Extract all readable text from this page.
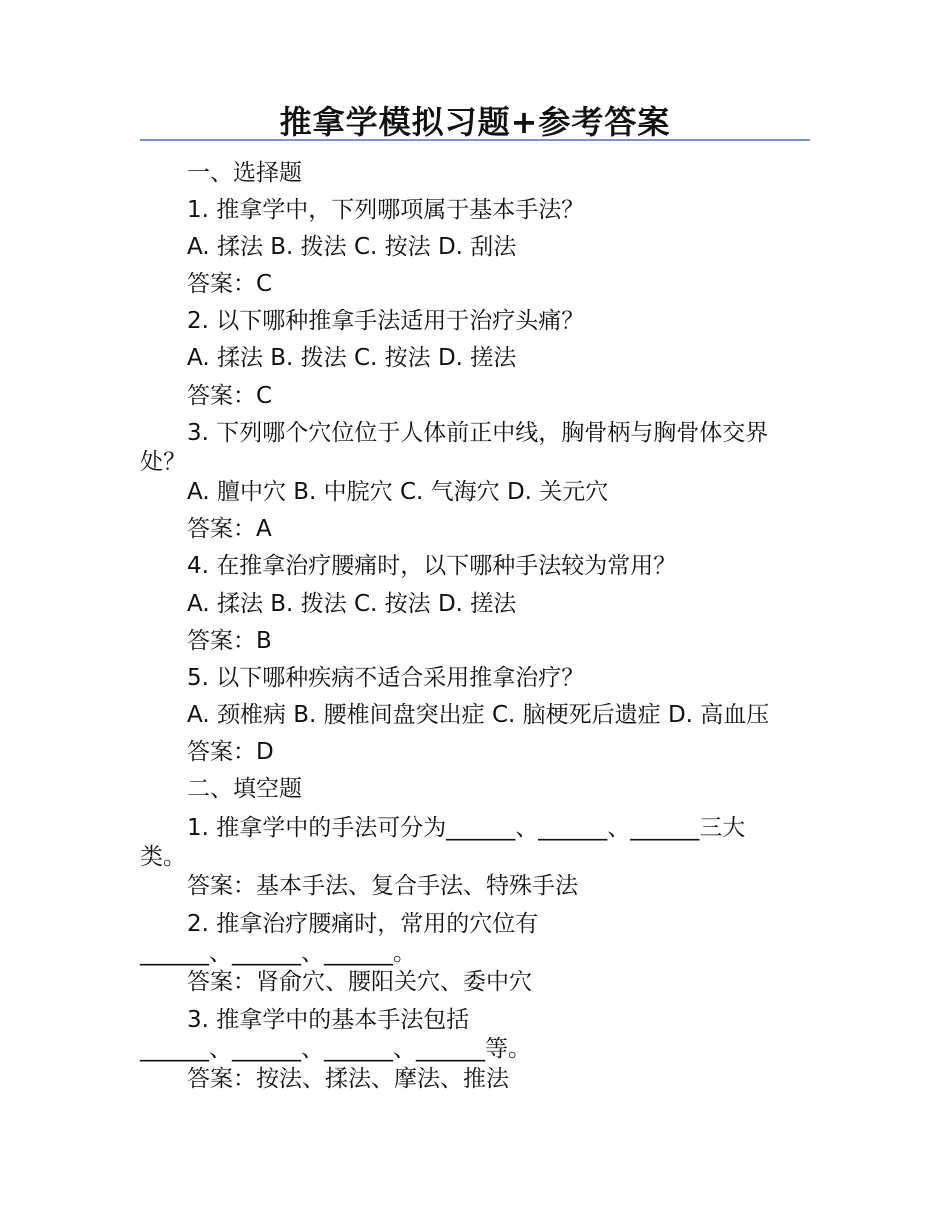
推拿学模拟习题+参考答案
一、选择题
1. 推拿学中，下列哪项属于基本手法？
A. 揉法 B. 拨法 C. 按法 D. 刮法
答案：C
2. 以下哪种推拿手法适用于治疗头痛？
A. 揉法 B. 拨法 C. 按法 D. 搓法
答案：C
3. 下列哪个穴位位于人体前正中线，胸骨柄与胸骨体交界
处？
A. 膻中穴 B. 中脘穴 C. 气海穴 D. 关元穴
答案：A
4. 在推拿治疗腰痛时，以下哪种手法较为常用？
A. 揉法 B. 拨法 C. 按法 D. 搓法
答案：B
5. 以下哪种疾病不适合采用推拿治疗？
A. 颈椎病 B. 腰椎间盘突出症 C. 脑梗死后遗症 D. 高血压
答案：D
二、填空题
1. 推拿学中的手法可分为______、______、______三大
类。
答案：基本手法、复合手法、特殊手法
2. 推拿治疗腰痛时，常用的穴位有
______、______、______。
答案：肾俞穴、腰阳关穴、委中穴
3. 推拿学中的基本手法包括
______、______、______、______等。
答案：按法、揉法、摩法、推法
